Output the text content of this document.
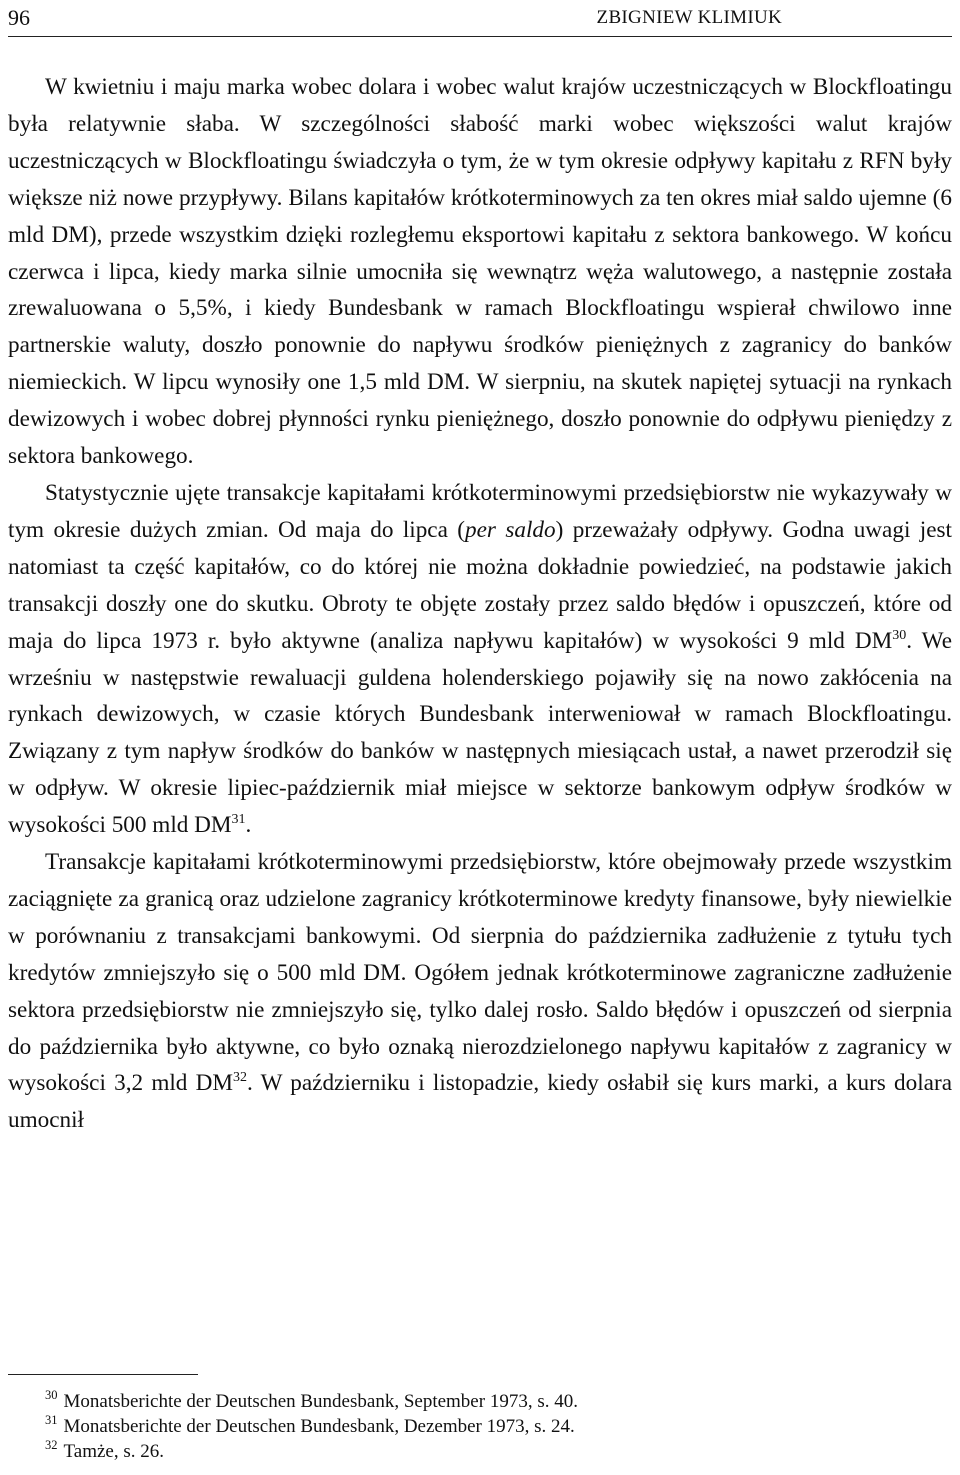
96	ZBIGNIEW KLIMIUK

W kwietniu i maju marka wobec dolara i wobec walut krajów uczestniczących w Blockfloatingu była relatywnie słaba. W szczególności słabość marki wobec większości walut krajów uczestniczących w Blockfloatingu świadczyła o tym, że w tym okresie odpływy kapitału z RFN były większe niż nowe przypływy. Bilans kapitałów krótkoterminowych za ten okres miał saldo ujemne (6 mld DM), przede wszystkim dzięki rozległemu eksportowi kapitału z sektora bankowego. W końcu czerwca i lipca, kiedy marka silnie umocniła się wewnątrz węża walutowego, a następnie została zrewaluowana o 5,5%, i kiedy Bundesbank w ramach Blockfloatingu wspierał chwilowo inne partnerskie waluty, doszło ponownie do napływu środków pieniężnych z zagranicy do banków niemieckich. W lipcu wynosiły one 1,5 mld DM. W sierpniu, na skutek napiętej sytuacji na rynkach dewizowych i wobec dobrej płynności rynku pieniężnego, doszło ponownie do odpływu pieniędzy z sektora bankowego.

Statystycznie ujęte transakcje kapitałami krótkoterminowymi przedsiębiorstw nie wykazywały w tym okresie dużych zmian. Od maja do lipca (per saldo) przeważały odpływy. Godna uwagi jest natomiast ta część kapitałów, co do której nie można dokładnie powiedzieć, na podstawie jakich transakcji doszły one do skutku. Obroty te objęte zostały przez saldo błędów i opuszczeń, które od maja do lipca 1973 r. było aktywne (analiza napływu kapitałów) w wysokości 9 mld DM$^{30}$. We wrześniu w następstwie rewaluacji guldena holenderskiego pojawiły się na nowo zakłócenia na rynkach dewizowych, w czasie których Bundesbank interweniował w ramach Blockfloatingu. Związany z tym napływ środków do banków w następnych miesiącach ustał, a nawet przerodził się w odpływ. W okresie lipiec-październik miał miejsce w sektorze bankowym odpływ środków w wysokości 500 mld DM$^{31}$.

Transakcje kapitałami krótkoterminowymi przedsiębiorstw, które obejmowały przede wszystkim zaciągnięte za granicą oraz udzielone zagranicy krótkoterminowe kredyty finansowe, były niewielkie w porównaniu z transakcjami bankowymi. Od sierpnia do października zadłużenie z tytułu tych kredytów zmniejszyło się o 500 mld DM. Ogółem jednak krótkoterminowe zagraniczne zadłużenie sektora przedsiębiorstw nie zmniejszyło się, tylko dalej rosło. Saldo błędów i opuszczeń od sierpnia do października było aktywne, co było oznaką nierozdzielonego napływu kapitałów z zagranicy w wysokości 3,2 mld DM$^{32}$. W październiku i listopadzie, kiedy osłabił się kurs marki, a kurs dolara umocnił

$^{30}$ Monatsberichte der Deutschen Bundesbank, September 1973, s. 40.
$^{31}$ Monatsberichte der Deutschen Bundesbank, Dezember 1973, s. 24.
$^{32}$ Tamże, s. 26.
